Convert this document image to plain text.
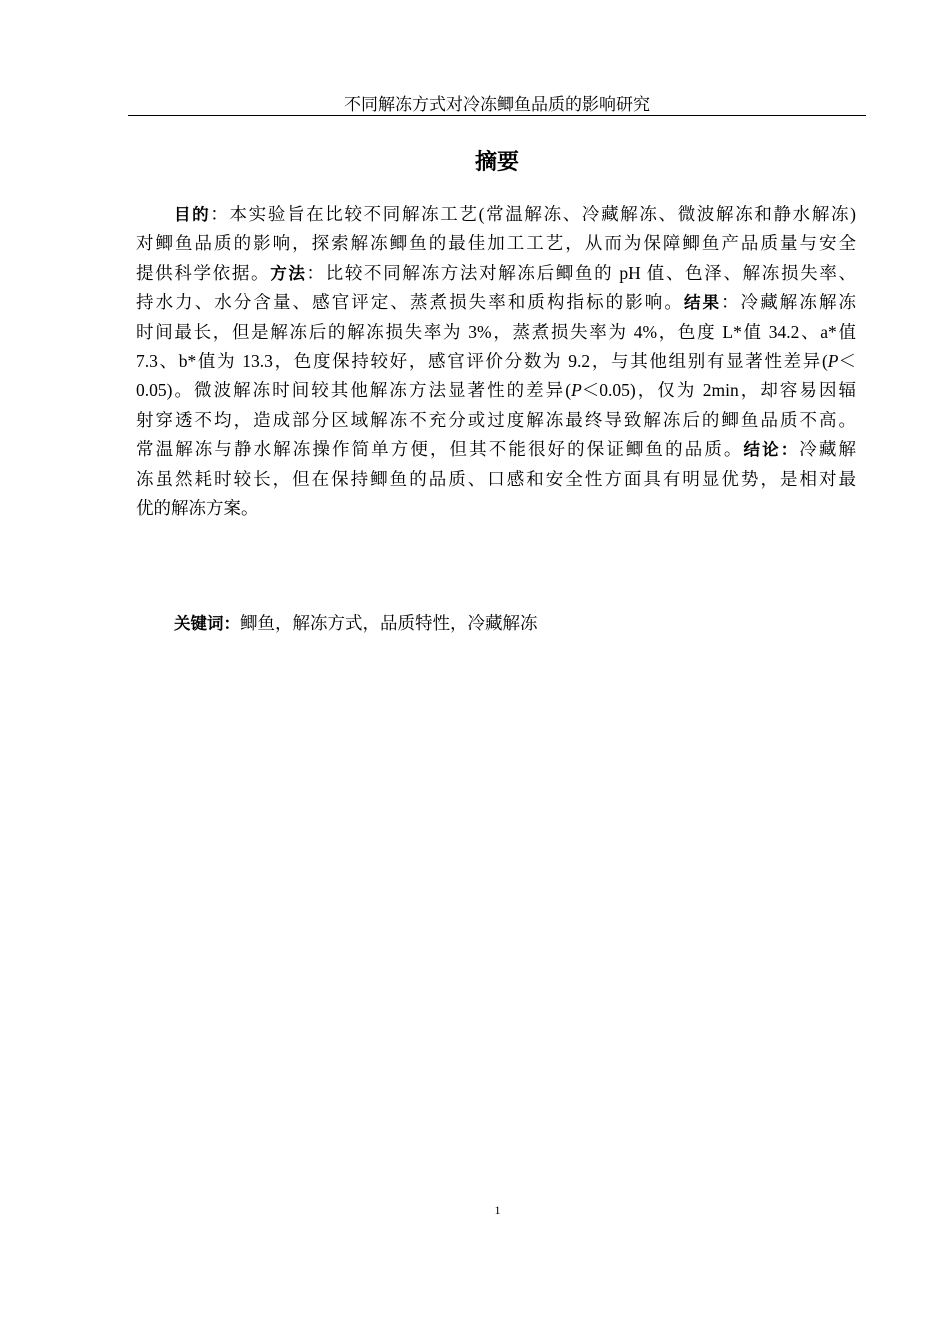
不同解冻方式对冷冻鲫鱼品质的影响研究
摘要
目的：本实验旨在比较不同解冻工艺(常温解冻、冷藏解冻、微波解冻和静水解冻)
对鲫鱼品质的影响，探索解冻鲫鱼的最佳加工工艺，从而为保障鲫鱼产品质量与安全
提供科学依据。方法：比较不同解冻方法对解冻后鲫鱼的 pH 值、色泽、解冻损失率、
持水力、水分含量、感官评定、蒸煮损失率和质构指标的影响。结果：冷藏解冻解冻
时间最长，但是解冻后的解冻损失率为 3%，蒸煮损失率为 4%，色度 L*值 34.2、a*值
7.3、b*值为 13.3，色度保持较好，感官评价分数为 9.2，与其他组别有显著性差异(P＜
0.05)。微波解冻时间较其他解冻方法显著性的差异(P＜0.05)，仅为 2min，却容易因辐
射穿透不均，造成部分区域解冻不充分或过度解冻最终导致解冻后的鲫鱼品质不高。
常温解冻与静水解冻操作简单方便，但其不能很好的保证鲫鱼的品质。结论：冷藏解
冻虽然耗时较长，但在保持鲫鱼的品质、口感和安全性方面具有明显优势，是相对最
优的解冻方案。
关键词：鲫鱼，解冻方式，品质特性，冷藏解冻
1
